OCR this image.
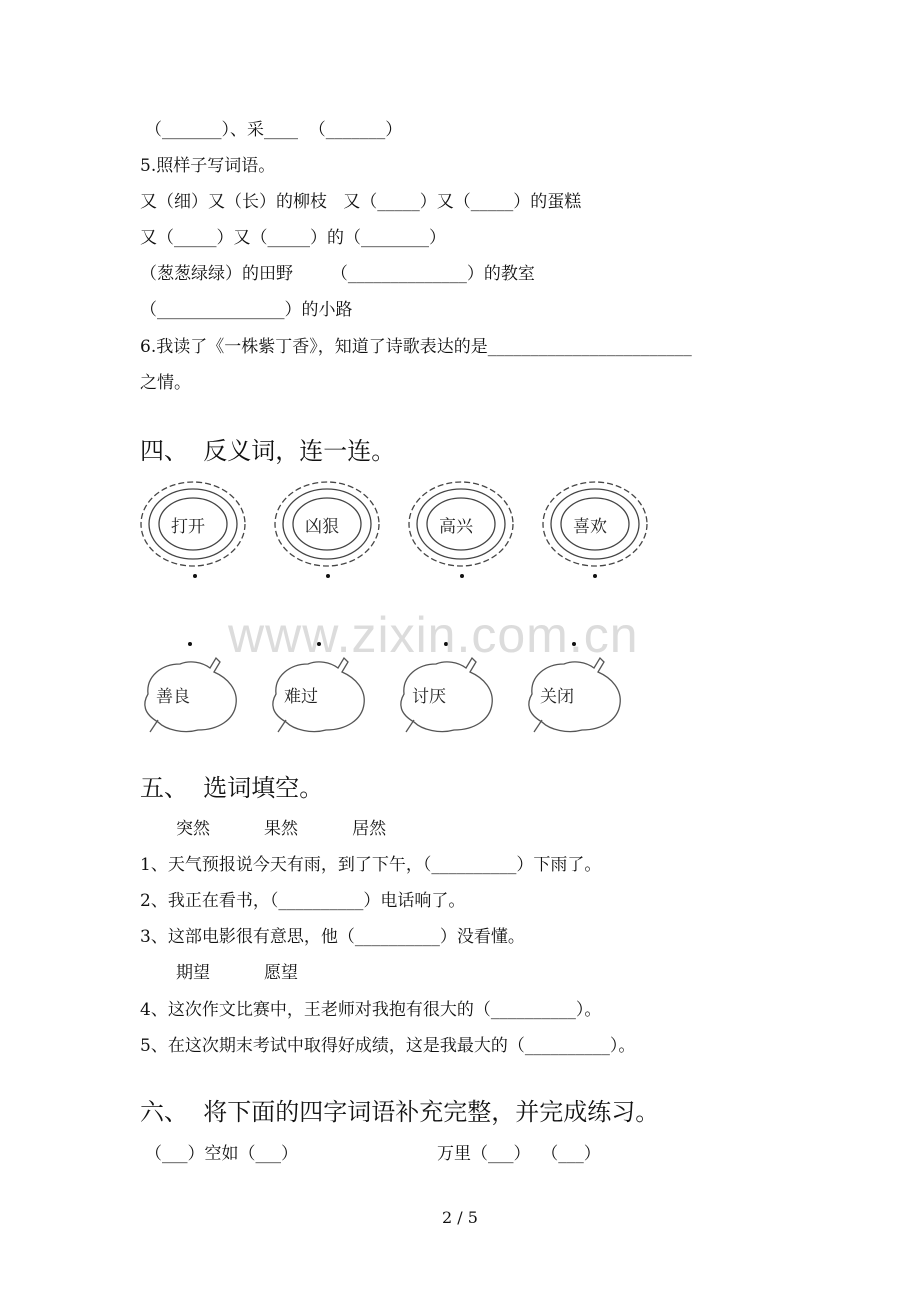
（_______）、采____  （_______）
5.照样子写词语。
又（细）又（长）的柳枝   又（_____）又（_____）的蛋糕
又（_____）又（_____）的（________）
（葱葱绿绿）的田野       （______________）的教室
（_______________）的小路
6.我读了《一株紫丁香》，知道了诗歌表达的是________________________
之情。
四、  反义词，连一连。
打开	凶狠	高兴	喜欢
www.zixin.com.cn
善良	难过	讨厌	关闭
五、  选词填空。
突然          果然          居然
1、天气预报说今天有雨，到了下午，（__________）下雨了。
2、我正在看书，（__________）电话响了。
3、这部电影很有意思，他（__________）没看懂。
期望          愿望
4、这次作文比赛中，王老师对我抱有很大的（__________）。
5、在这次期末考试中取得好成绩，这是我最大的（__________）。
六、  将下面的四字词语补充完整，并完成练习。
（___）空如（___）	万里（___）  （___）
2 / 5
